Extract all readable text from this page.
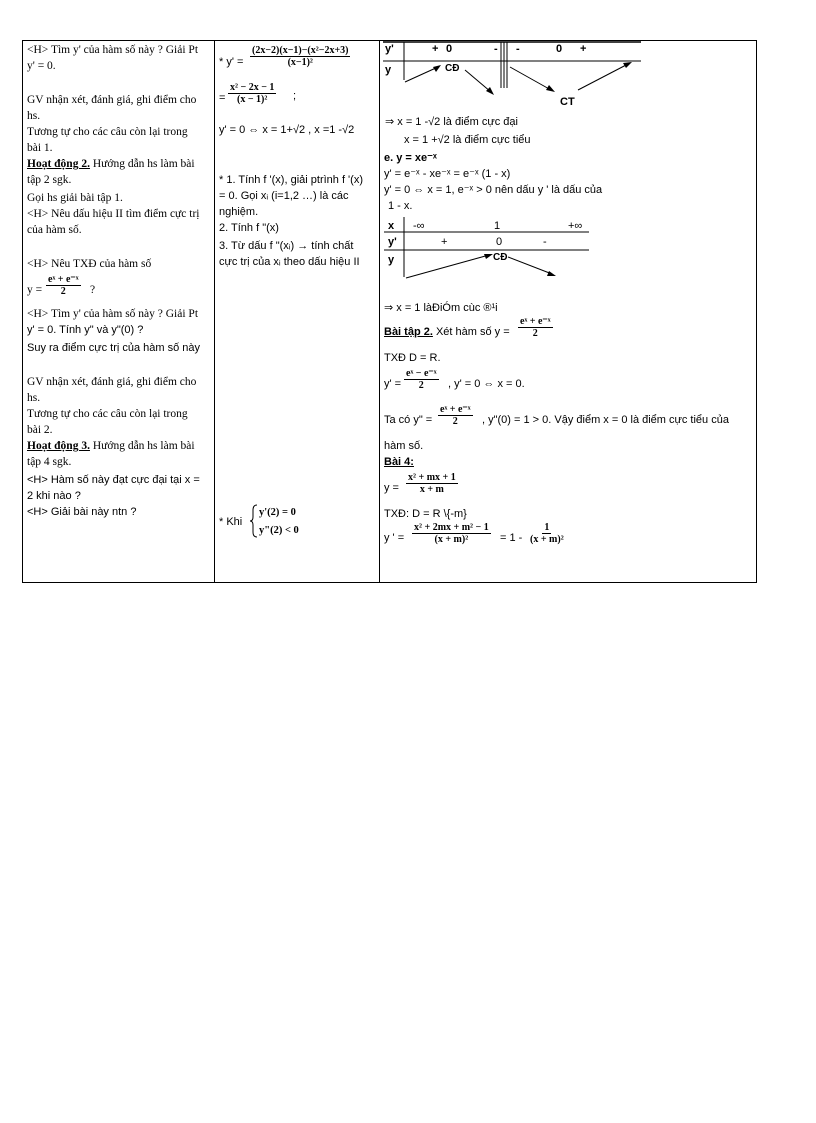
<H> Tìm y' của hàm số này ? Giải Pt
y' = 0.
GV nhận xét, đánh giá, ghi điểm cho
hs.
Tương tự cho các câu còn lại trong
bài 1.
Hoạt động 2. Hướng dẫn hs làm bài
tập 2 sgk.
Gọi hs giải bài tập 1.
<H> Nêu dấu hiệu II tìm điểm cực trị
của hàm số.
<H> Nêu TXĐ của hàm số
$y = \frac{\text{eˣ + e⁻ˣ}}{2}$ ?
<H> Tìm y' của hàm số này ? Giải Pt
y' = 0. Tính y" và y"(0) ?
Suy ra điểm cực trị của hàm số này
GV nhận xét, đánh giá, ghi điểm cho
hs.
Tương tự cho các câu còn lại trong
bài 2.
Hoạt động 3. Hướng dẫn hs làm bài
tập 4 sgk.
<H> Hàm số này đạt cực đại tại x =
2 khi nào ?
<H> Giải bài này ntn ?
* $y' = \frac{\text{(2x−2)(x−1)−(x²−2x+3)}}{\text{(x−1)²}}$
= $\frac{\text{x² − 2x − 1}}{\text{(x − 1)²}}$ ;
y' = 0 ⇔ x = 1+√2 , x =1 -√2
* 1. Tính f '(x), giải ptrình f '(x)
= 0. Gọi xᵢ (i=1,2 …) là các
nghiệm.
2. Tính f "(x)
3. Từ dấu f "(xᵢ) → tính chất
cực trị của xᵢ theo dấu hiệu II
* Khi
y'(2) = 0
y"(2) < 0
y'	+ 0	- -	0 +
y	CĐ
CT
⇒ x = 1 -√2 là điểm cực đại
x = 1 +√2 là điểm cực tiểu
e. y = xe⁻ˣ
y' = e⁻ˣ - xe⁻ˣ = e⁻ˣ (1 - x)
y' = 0 ⇔ x = 1, e⁻ˣ > 0 nên dấu y ' là dấu của
1 - x.
x -∞	1	+∞
y'	+	0	-
y	CĐ
⇒ x = 1 làÐiÓm cùc ®¹i
Bài tập 2. Xét hàm số $y = \frac{\text{eˣ + e⁻ˣ}}{2}$
TXĐ D = R.
$y' = \frac{\text{eˣ − e⁻ˣ}}{2}$ , y' = 0 ⇔ x = 0.
Ta có y" = $\frac{\text{eˣ + e⁻ˣ}}{2}$ , y"(0) = 1 > 0. Vậy điểm x = 0 là điểm cực tiểu của
hàm số.
Bài 4:
$y = \frac{\text{x² + mx + 1}}{x + m}$
TXĐ: D = R \{-m}
y ' = $\frac{\text{x² + 2mx + m² − 1}}{\text{(x + m)²}} = 1 - \frac{1}{\text{(x + m)²}}$
